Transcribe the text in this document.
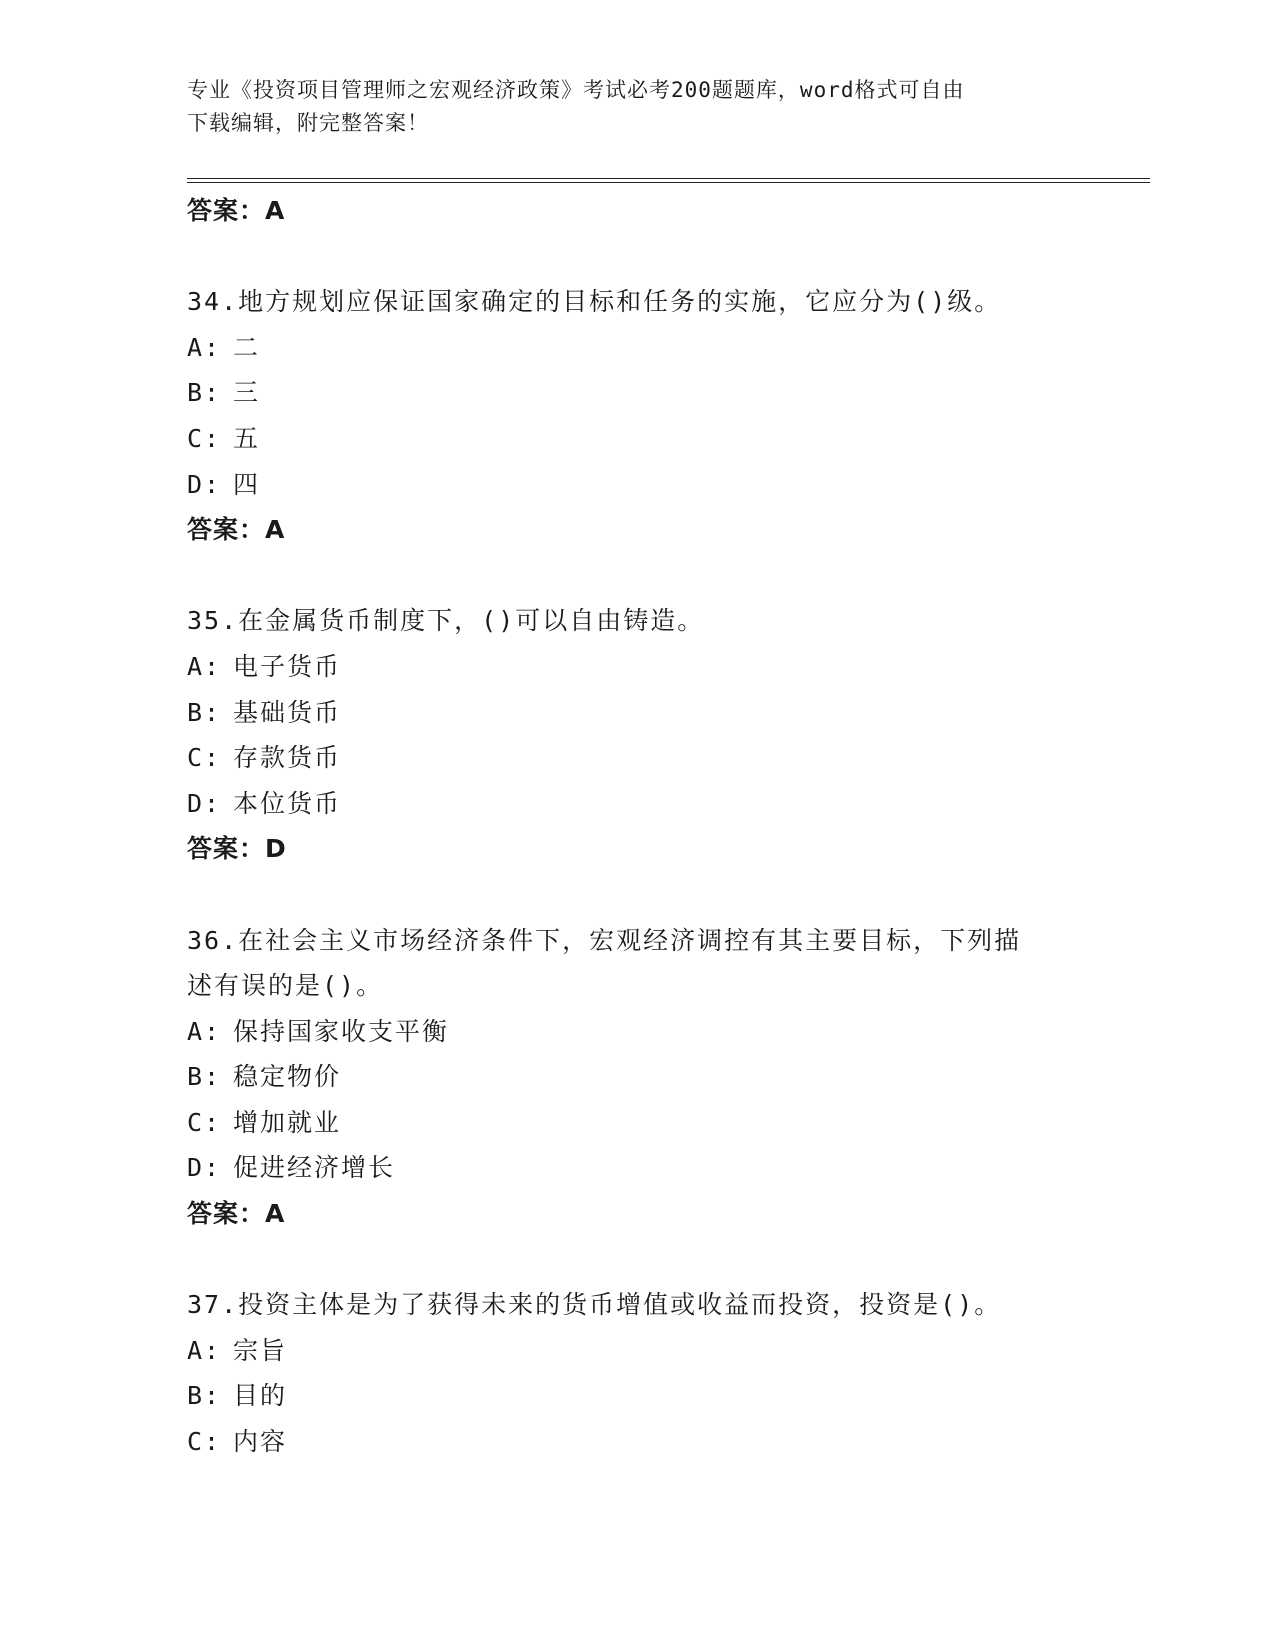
专业《投资项目管理师之宏观经济政策》考试必考200题题库，word格式可自由
下载编辑，附完整答案！
答案：A
34.地方规划应保证国家确定的目标和任务的实施，它应分为()级。
A: 二
B: 三
C: 五
D: 四
答案：A
35.在金属货币制度下，()可以自由铸造。
A: 电子货币
B: 基础货币
C: 存款货币
D: 本位货币
答案：D
36.在社会主义市场经济条件下，宏观经济调控有其主要目标，下列描
述有误的是()。
A: 保持国家收支平衡
B: 稳定物价
C: 增加就业
D: 促进经济增长
答案：A
37.投资主体是为了获得未来的货币增值或收益而投资，投资是()。
A: 宗旨
B: 目的
C: 内容
